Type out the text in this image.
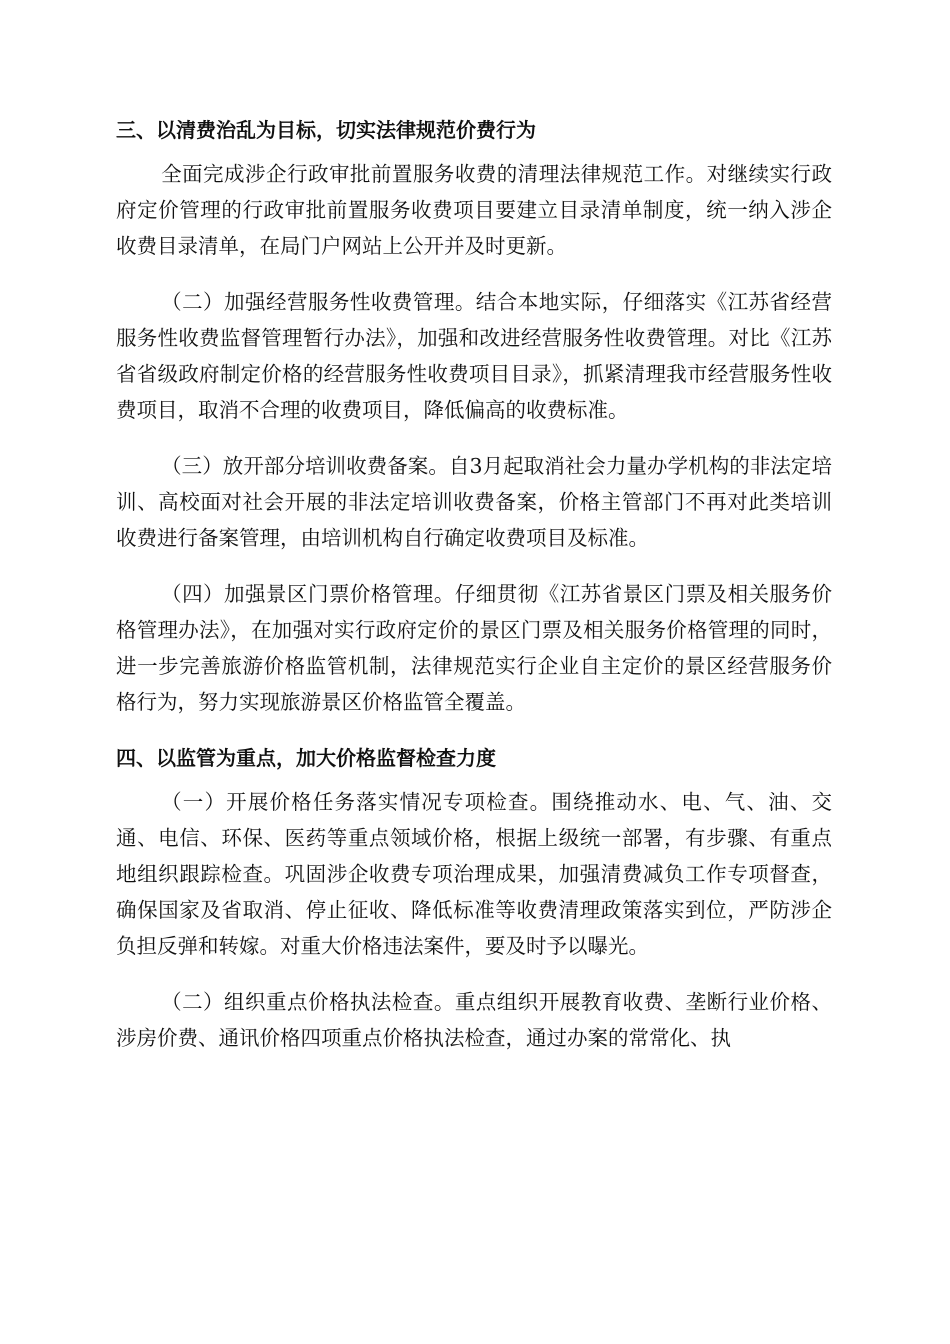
三、以清费治乱为目标，切实法律规范价费行为

全面完成涉企行政审批前置服务收费的清理法律规范工作。对继续实行政府定价管理的行政审批前置服务收费项目要建立目录清单制度，统一纳入涉企收费目录清单，在局门户网站上公开并及时更新。

（二）加强经营服务性收费管理。结合本地实际，仔细落实《江苏省经营服务性收费监督管理暂行办法》，加强和改进经营服务性收费管理。对比《江苏省省级政府制定价格的经营服务性收费项目目录》，抓紧清理我市经营服务性收费项目，取消不合理的收费项目，降低偏高的收费标准。

（三）放开部分培训收费备案。自3月起取消社会力量办学机构的非法定培训、高校面对社会开展的非法定培训收费备案，价格主管部门不再对此类培训收费进行备案管理，由培训机构自行确定收费项目及标准。

（四）加强景区门票价格管理。仔细贯彻《江苏省景区门票及相关服务价格管理办法》，在加强对实行政府定价的景区门票及相关服务价格管理的同时，进一步完善旅游价格监管机制，法律规范实行企业自主定价的景区经营服务价格行为，努力实现旅游景区价格监管全覆盖。

四、以监管为重点，加大价格监督检查力度

（一）开展价格任务落实情况专项检查。围绕推动水、电、气、油、交通、电信、环保、医药等重点领域价格，根据上级统一部署，有步骤、有重点地组织跟踪检查。巩固涉企收费专项治理成果，加强清费减负工作专项督查，确保国家及省取消、停止征收、降低标准等收费清理政策落实到位，严防涉企负担反弹和转嫁。对重大价格违法案件，要及时予以曝光。

（二）组织重点价格执法检查。重点组织开展教育收费、垄断行业价格、涉房价费、通讯价格四项重点价格执法检查，通过办案的常常化、执
